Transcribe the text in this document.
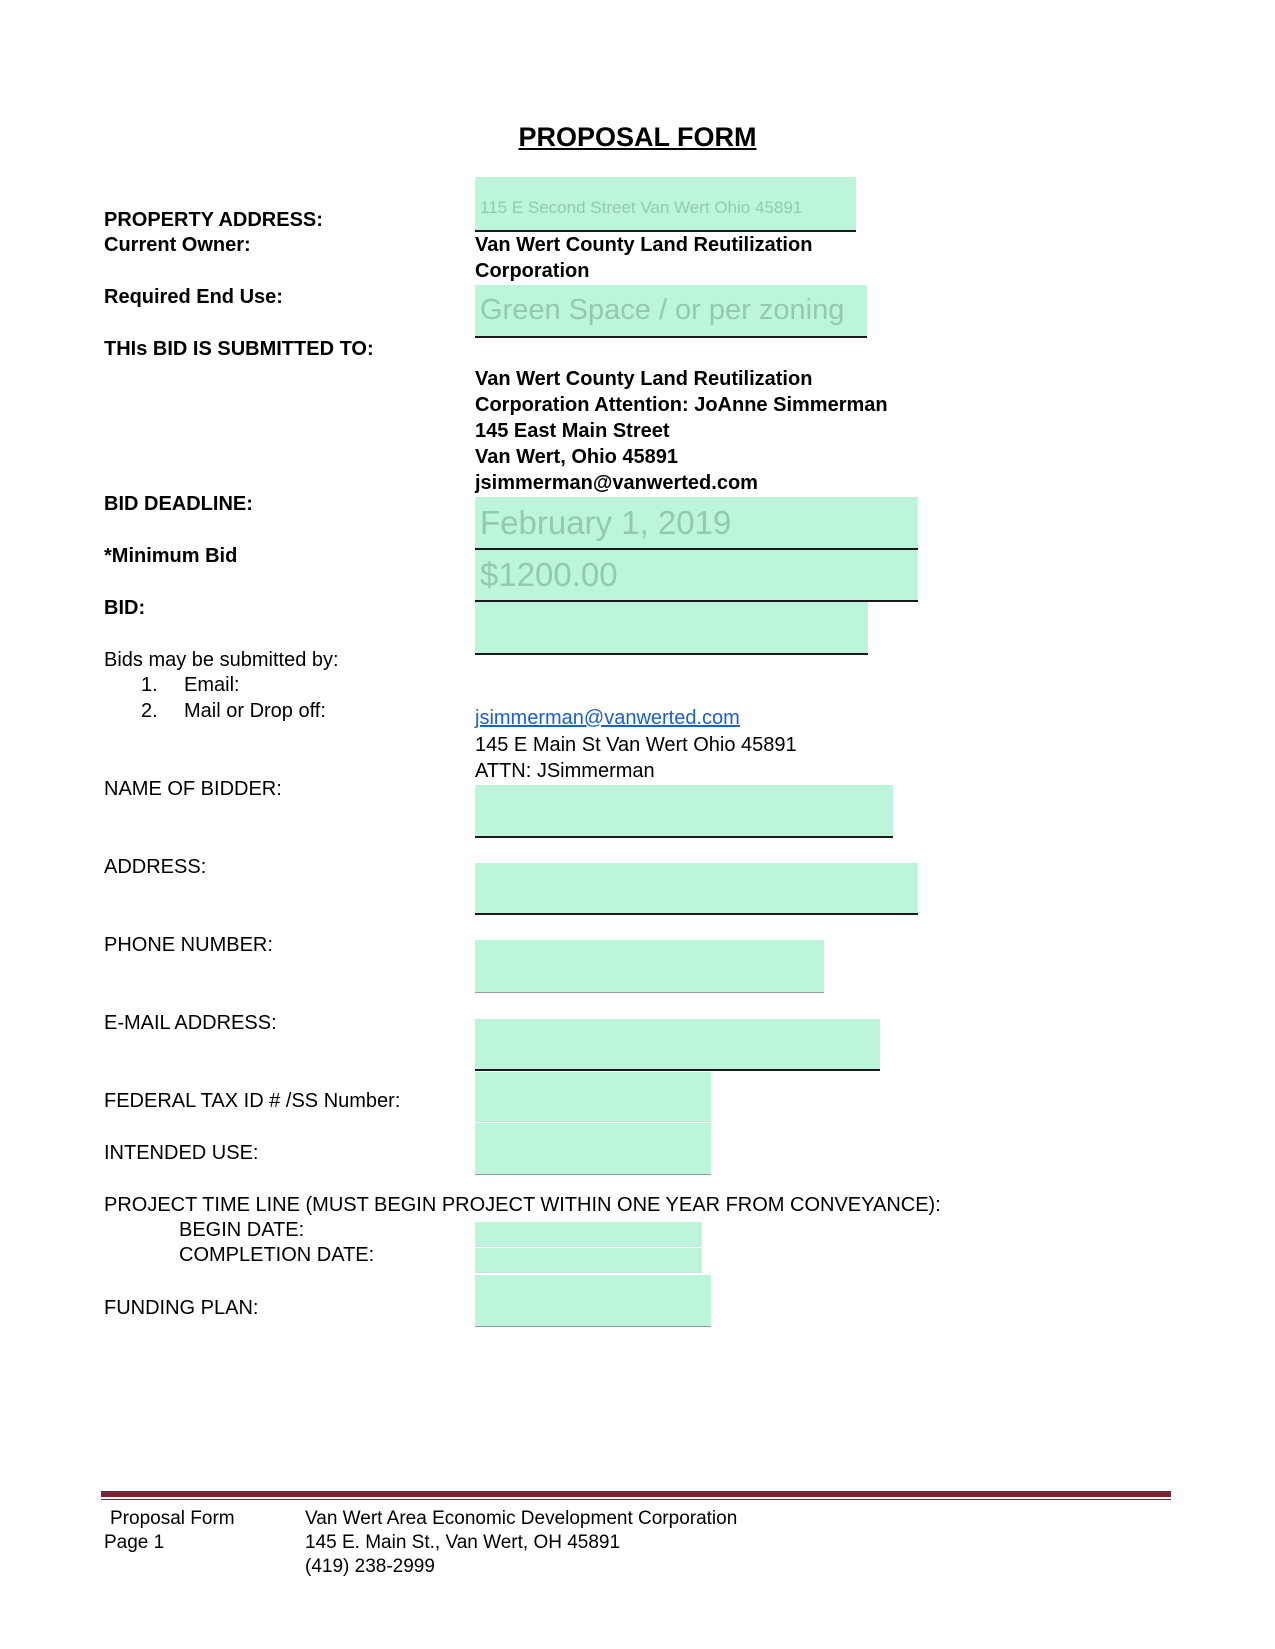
PROPOSAL FORM
PROPERTY ADDRESS:
Current Owner:
Required End Use:
THIs BID IS SUBMITTED TO:
BID DEADLINE:
*Minimum Bid
BID:
Bids may be submitted by:
1. Email:
2. Mail or Drop off:
NAME OF BIDDER:
ADDRESS:
PHONE NUMBER:
E-MAIL ADDRESS:
FEDERAL TAX ID # /SS Number:
INTENDED USE:
PROJECT TIME LINE (MUST BEGIN PROJECT WITHIN ONE YEAR FROM CONVEYANCE):
BEGIN DATE:
COMPLETION DATE:
FUNDING PLAN:
115 E Second Street Van Wert Ohio 45891
Van Wert County Land Reutilization
Corporation
Green Space / or per zoning
Van Wert County Land Reutilization
Corporation Attention: JoAnne Simmerman
145 East Main Street
Van Wert, Ohio 45891
jsimmerman@vanwerted.com
February 1, 2019
$1200.00
jsimmerman@vanwerted.com
145 E Main St Van Wert Ohio 45891
ATTN: JSimmerman
Proposal Form
Page 1
Van Wert Area Economic Development Corporation
145 E. Main St., Van Wert, OH 45891
(419) 238-2999
